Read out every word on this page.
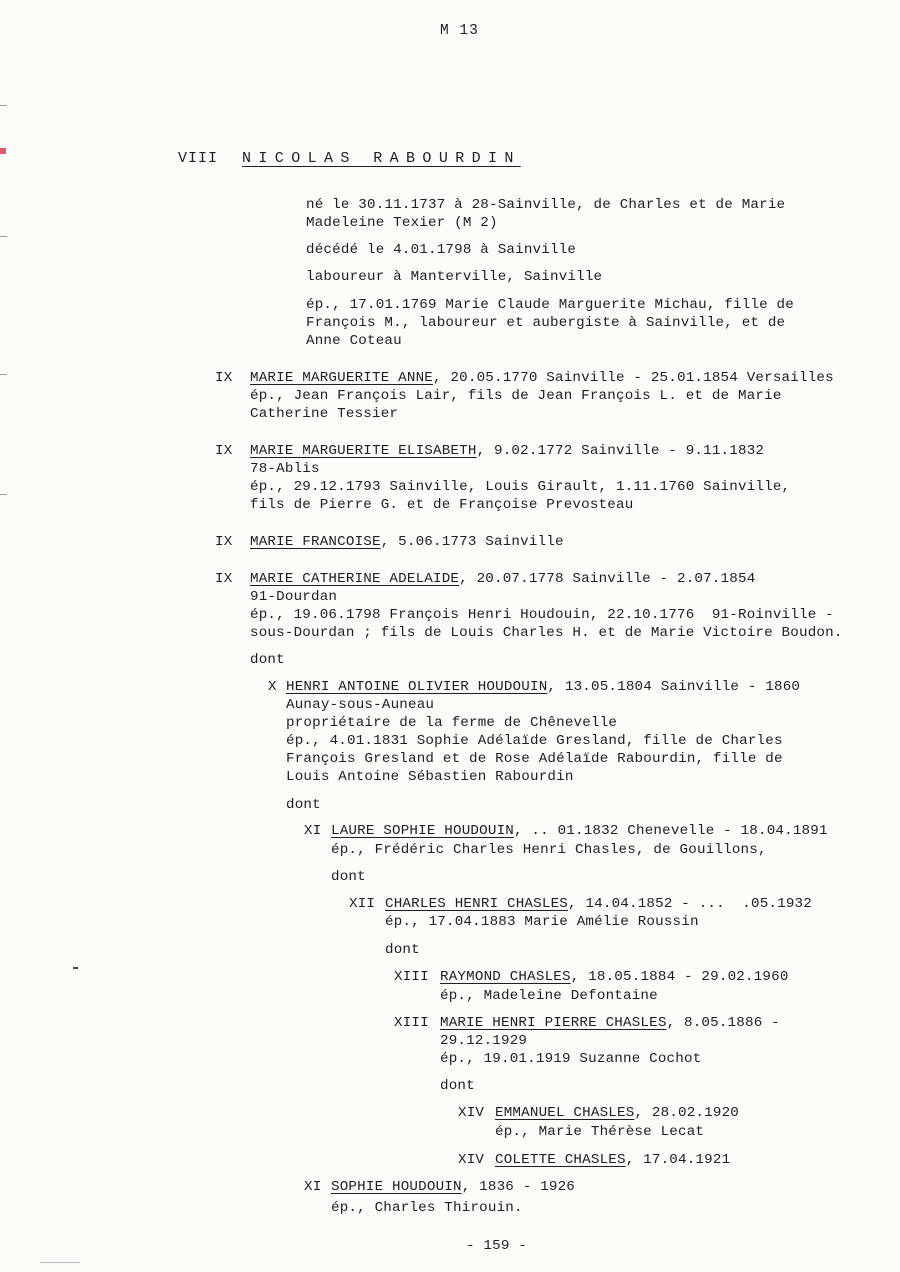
M 13
VIII NICOLAS RABOURDIN
né le 30.11.1737 à 28-Sainville, de Charles et de Marie
Madeleine Texier (M 2)
décédé le 4.01.1798 à Sainville
laboureur à Manterville, Sainville
ép., 17.01.1769 Marie Claude Marguerite Michau, fille de
François M., laboureur et aubergiste à Sainville, et de
Anne Coteau
IX MARIE MARGUERITE ANNE, 20.05.1770 Sainville - 25.01.1854 Versailles
ép., Jean François Lair, fils de Jean François L. et de Marie
Catherine Tessier
IX MARIE MARGUERITE ELISABETH, 9.02.1772 Sainville - 9.11.1832
78-Ablis
ép., 29.12.1793 Sainville, Louis Girault, 1.11.1760 Sainville,
fils de Pierre G. et de Françoise Prevosteau
IX MARIE FRANCOISE, 5.06.1773 Sainville
IX MARIE CATHERINE ADELAIDE, 20.07.1778 Sainville - 2.07.1854
91-Dourdan
ép., 19.06.1798 François Henri Houdouin, 22.10.1776  91-Roinville -
sous-Dourdan ; fils de Louis Charles H. et de Marie Victoire Boudon.
dont
X HENRI ANTOINE OLIVIER HOUDOUIN, 13.05.1804 Sainville - 1860
Aunay-sous-Auneau
propriétaire de la ferme de Chênevelle
ép., 4.01.1831 Sophie Adélaïde Gresland, fille de Charles
François Gresland et de Rose Adélaïde Rabourdin, fille de
Louis Antoine Sébastien Rabourdin
dont
XI LAURE SOPHIE HOUDOUIN, .. 01.1832 Chenevelle - 18.04.1891
ép., Frédéric Charles Henri Chasles, de Gouillons,
dont
XII CHARLES HENRI CHASLES, 14.04.1852 - ...  .05.1932
ép., 17.04.1883 Marie Amélie Roussin
dont
XIII RAYMOND CHASLES, 18.05.1884 - 29.02.1960
ép., Madeleine Defontaine
XIII MARIE HENRI PIERRE CHASLES, 8.05.1886 -
29.12.1929
ép., 19.01.1919 Suzanne Cochot
dont
XIV EMMANUEL CHASLES, 28.02.1920
ép., Marie Thérèse Lecat
XIV COLETTE CHASLES, 17.04.1921
XI SOPHIE HOUDOUIN, 1836 - 1926
ép., Charles Thirouin.
- 159 -
